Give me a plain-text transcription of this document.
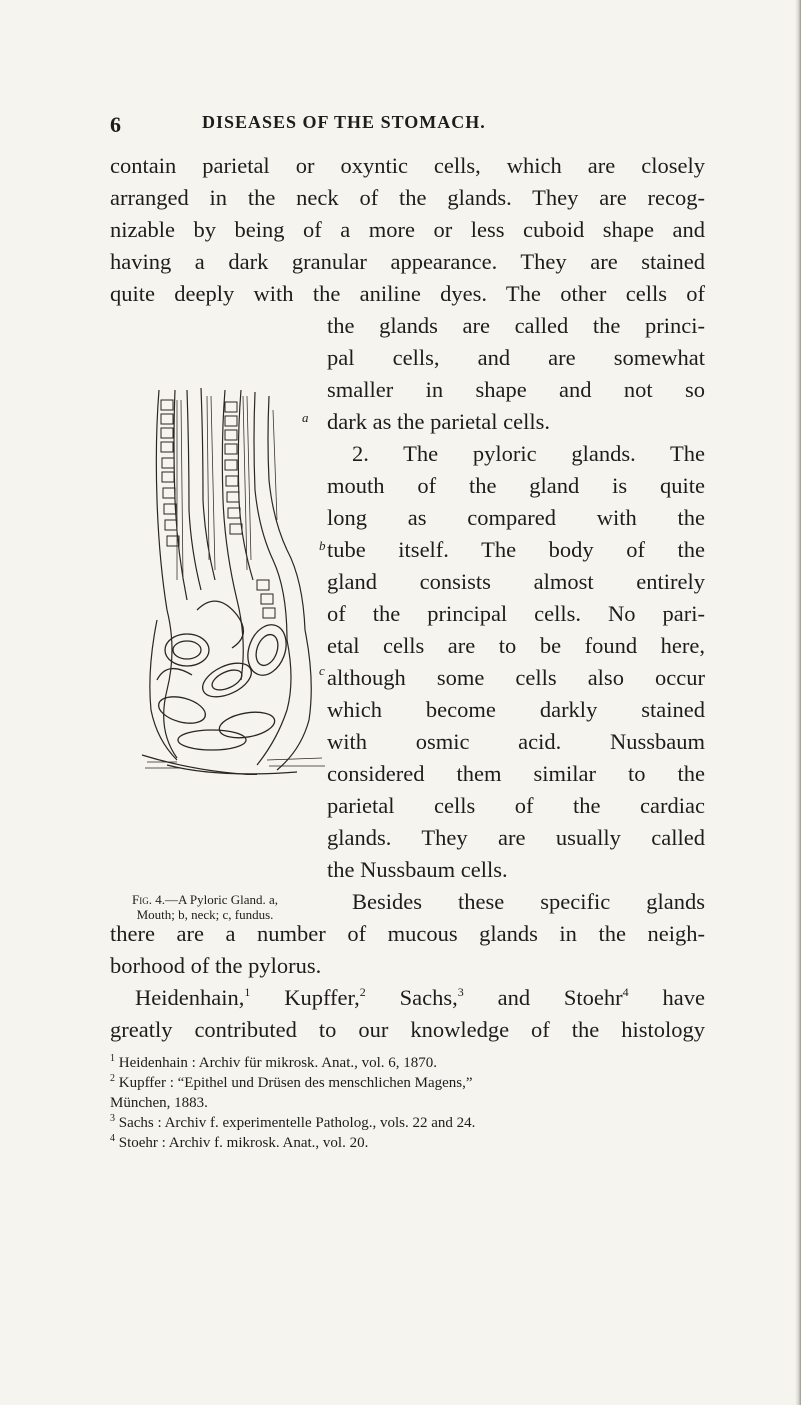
6	DISEASES OF THE STOMACH.
contain parietal or oxyntic cells, which are closely
arranged in the neck of the glands. They are recog-
nizable by being of a more or less cuboid shape and
having a dark granular appearance. They are stained
quite deeply with the aniline dyes. The other cells of
the glands are called the princi-
pal cells, and are somewhat
smaller in shape and not so
dark as the parietal cells.
2. The pyloric glands. The
mouth of the gland is quite
long as compared with the
tube itself. The body of the
gland consists almost entirely
of the principal cells. No pari-
etal cells are to be found here,
although some cells also occur
which become darkly stained
with osmic acid. Nussbaum
considered them similar to the
parietal cells of the cardiac
glands. They are usually called
the Nussbaum cells.
Besides these specific glands
there are a number of mucous glands in the neigh-
borhood of the pylorus.
Heidenhain,$^1$ Kupffer,$^2$ Sachs,$^3$ and Stoehr$^4$ have
greatly contributed to our knowledge of the histology
a
b
c
Fig. 4.—A Pyloric Gland. a,
Mouth; b, neck; c, fundus.
$^1$ Heidenhain : Archiv für mikrosk. Anat., vol. 6, 1870.
$^2$ Kupffer : “Epithel und Drüsen des menschlichen Magens,”
München, 1883.
$^3$ Sachs : Archiv f. experimentelle Patholog., vols. 22 and 24.
$^4$ Stoehr : Archiv f. mikrosk. Anat., vol. 20.
